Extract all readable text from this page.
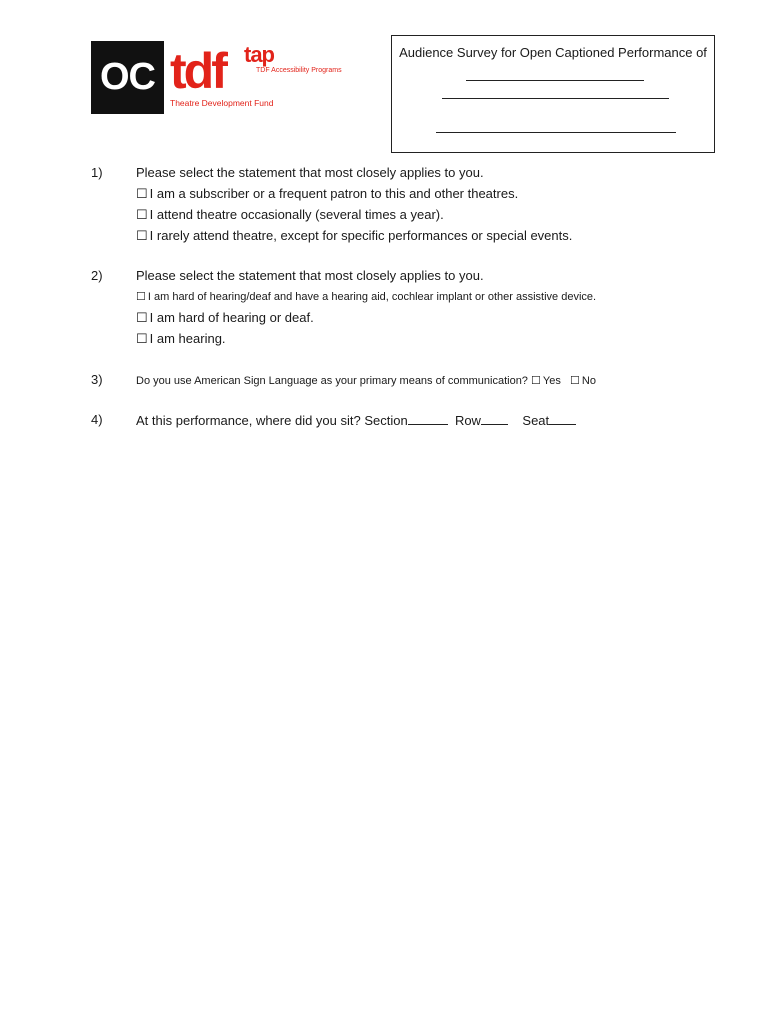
OC tdf tap
TDF Accessibility Programs
Theatre Development Fund
Audience Survey for Open Captioned Performance of
1)	Please select the statement that most closely applies to you.
☐ I am a subscriber or a frequent patron to this and other theatres.
☐ I attend theatre occasionally (several times a year).
☐ I rarely attend theatre, except for specific performances or special events.
2)	Please select the statement that most closely applies to you.
☐ I am hard of hearing/deaf and have a hearing aid, cochlear implant or other assistive device.
☐ I am hard of hearing or deaf.
☐ I am hearing.
3)	Do you use American Sign Language as your primary means of communication? ☐ Yes ☐ No
4)	At this performance, where did you sit? Section	Row	Seat
